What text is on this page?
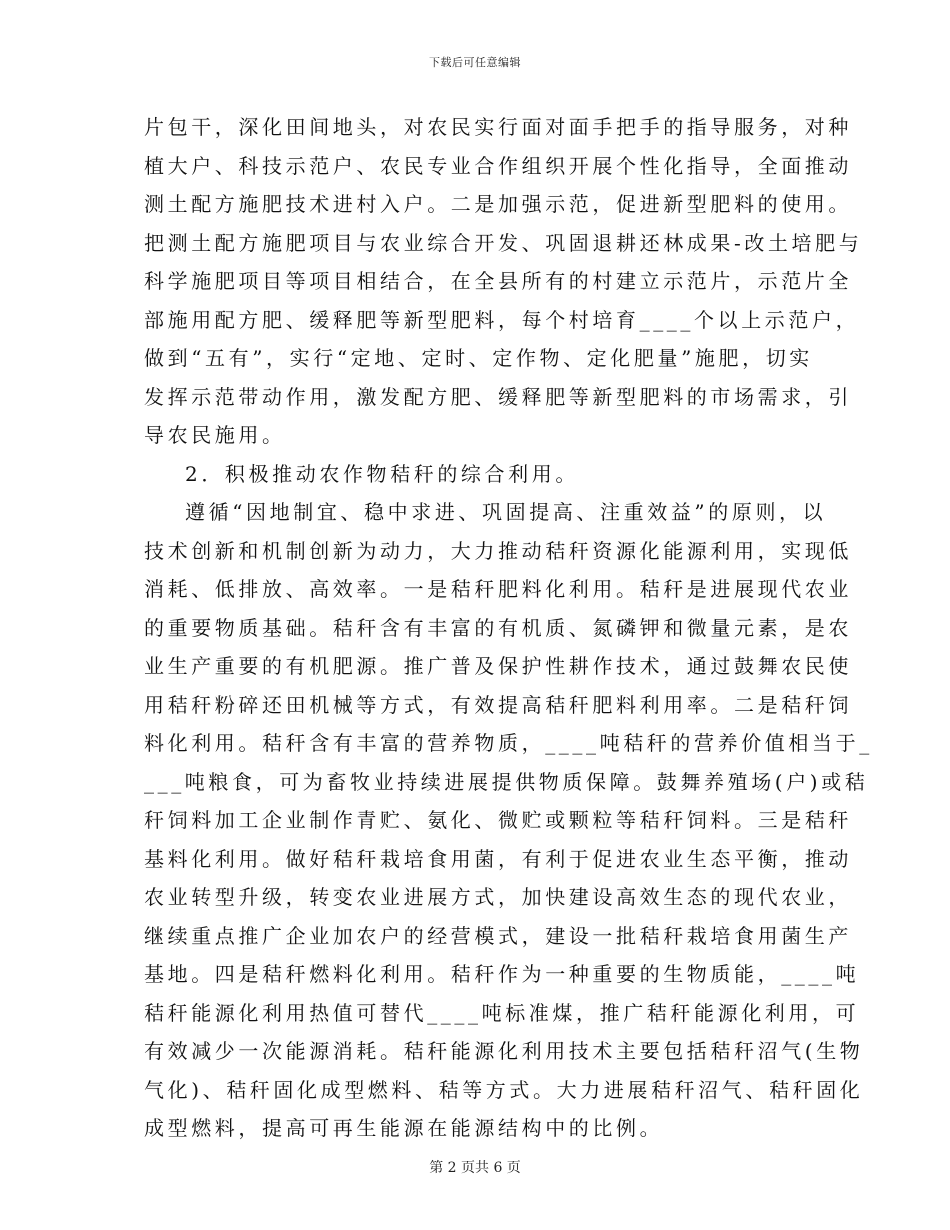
下载后可任意编辑
片包干，深化田间地头，对农民实行面对面手把手的指导服务，对种
植大户、科技示范户、农民专业合作组织开展个性化指导，全面推动
测土配方施肥技术进村入户。二是加强示范，促进新型肥料的使用。
把测土配方施肥项目与农业综合开发、巩固退耕还林成果-改土培肥与
科学施肥项目等项目相结合，在全县所有的村建立示范片，示范片全
部施用配方肥、缓释肥等新型肥料，每个村培育____个以上示范户，
做到“五有”，实行“定地、定时、定作物、定化肥量”施肥，切实
发挥示范带动作用，激发配方肥、缓释肥等新型肥料的市场需求，引
导农民施用。
2．积极推动农作物秸秆的综合利用。
遵循“因地制宜、稳中求进、巩固提高、注重效益”的原则，以
技术创新和机制创新为动力，大力推动秸秆资源化能源利用，实现低
消耗、低排放、高效率。一是秸秆肥料化利用。秸秆是进展现代农业
的重要物质基础。秸秆含有丰富的有机质、氮磷钾和微量元素，是农
业生产重要的有机肥源。推广普及保护性耕作技术，通过鼓舞农民使
用秸秆粉碎还田机械等方式，有效提高秸秆肥料利用率。二是秸秆饲
料化利用。秸秆含有丰富的营养物质，____吨秸秆的营养价值相当于_
___吨粮食，可为畜牧业持续进展提供物质保障。鼓舞养殖场(户)或秸
秆饲料加工企业制作青贮、氨化、微贮或颗粒等秸秆饲料。三是秸秆
基料化利用。做好秸秆栽培食用菌，有利于促进农业生态平衡，推动
农业转型升级，转变农业进展方式，加快建设高效生态的现代农业，
继续重点推广企业加农户的经营模式，建设一批秸秆栽培食用菌生产
基地。四是秸秆燃料化利用。秸秆作为一种重要的生物质能，____吨
秸秆能源化利用热值可替代____吨标准煤，推广秸秆能源化利用，可
有效减少一次能源消耗。秸秆能源化利用技术主要包括秸秆沼气(生物
气化)、秸秆固化成型燃料、秸等方式。大力进展秸秆沼气、秸秆固化
成型燃料，提高可再生能源在能源结构中的比例。
第 2 页共 6 页
